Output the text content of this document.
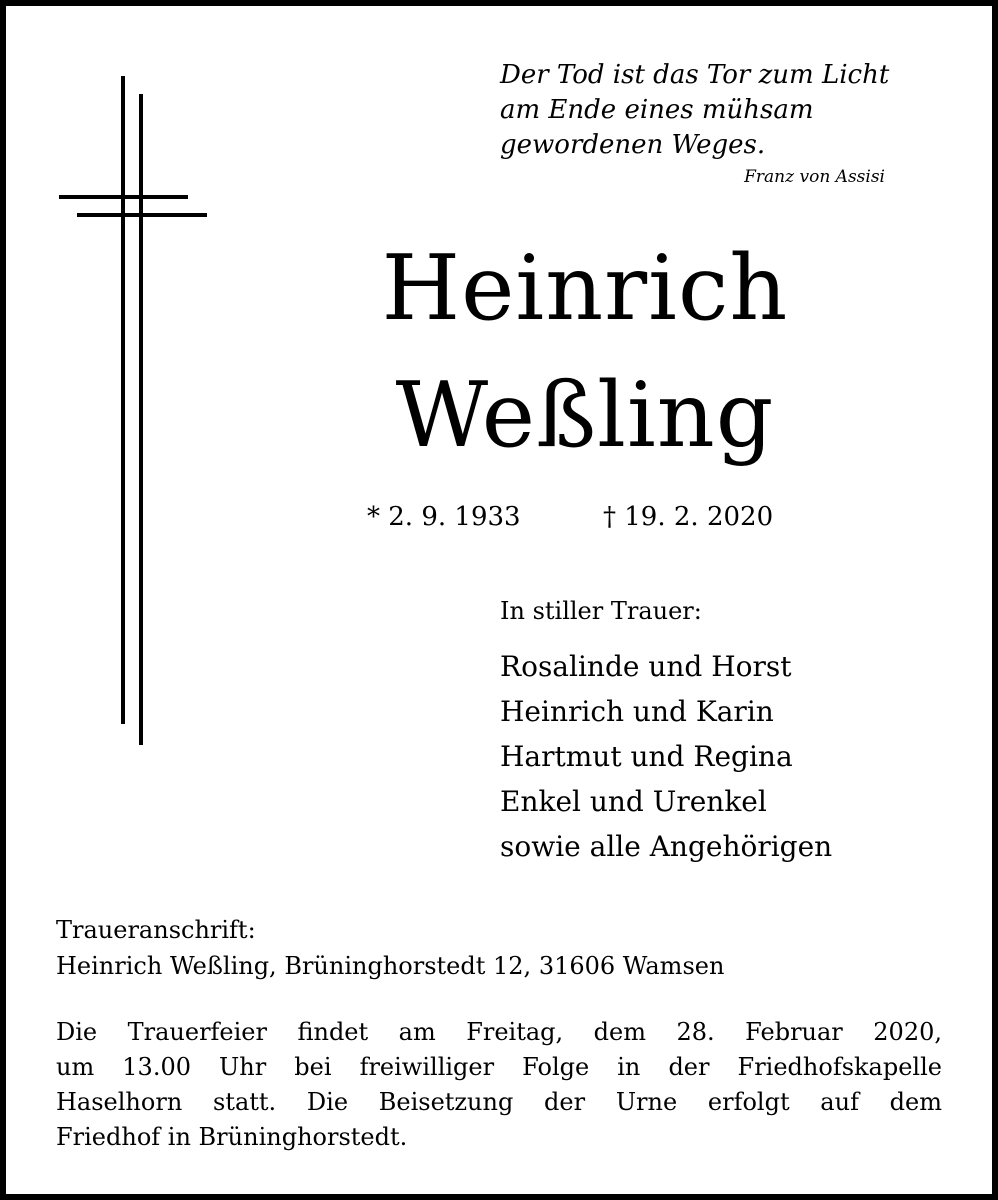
Der Tod ist das Tor zum Licht
am Ende eines mühsam
gewordenen Weges.
Franz von Assisi
Heinrich
Weßling
* 2. 9. 1933	† 19. 2. 2020
In stiller Trauer:
Rosalinde und Horst
Heinrich und Karin
Hartmut und Regina
Enkel und Urenkel
sowie alle Angehörigen
Traueranschrift:
Heinrich Weßling, Brüninghorstedt 12, 31606 Wamsen
Die Trauerfeier findet am Freitag, dem 28. Februar 2020,
um 13.00 Uhr bei freiwilliger Folge in der Friedhofskapelle
Haselhorn statt. Die Beisetzung der Urne erfolgt auf dem
Friedhof in Brüninghorstedt.
